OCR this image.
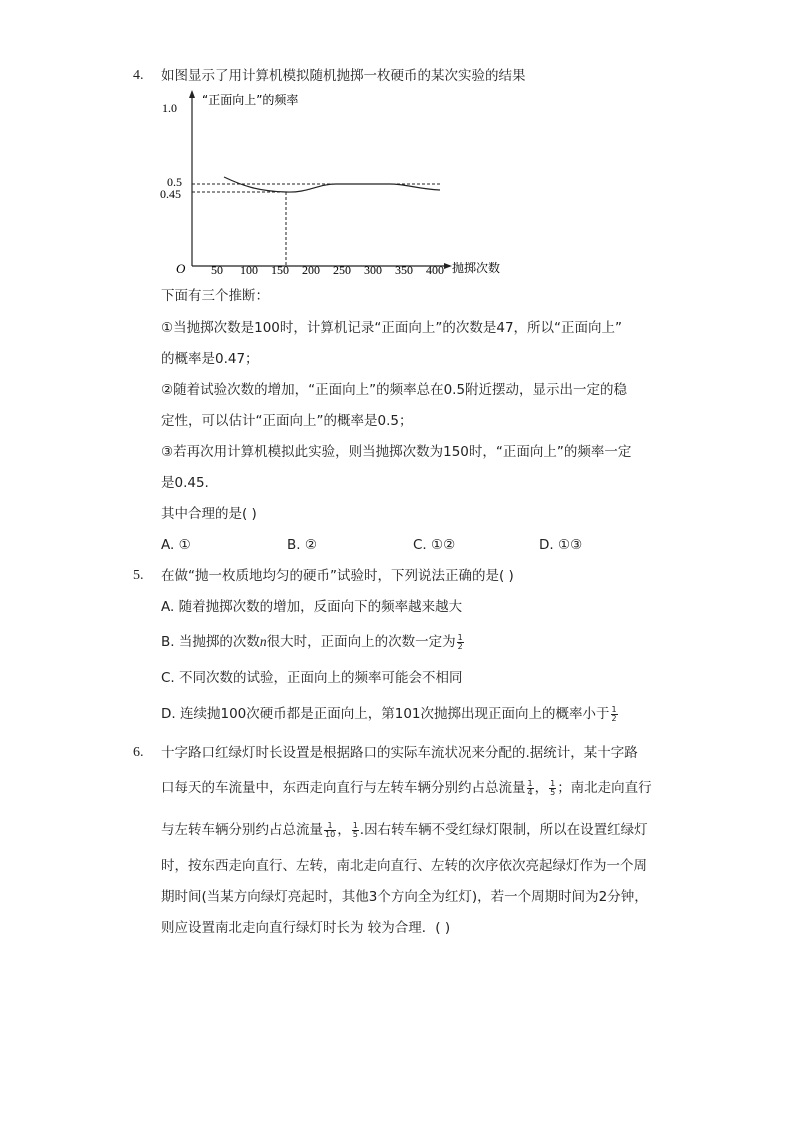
4. 如图显示了用计算机模拟随机抛掷一枚硬币的某次实验的结果
“正面向上”的频率
抛掷次数
O
1.0
0.5
0.45
50 100 150 200 250 300 350 400
下面有三个推断：
①当抛掷次数是100时，计算机记录“正面向上”的次数是47，所以“正面向上”
的概率是0.47；
②随着试验次数的增加，“正面向上”的频率总在0.5附近摆动，显示出一定的稳
定性，可以估计“正面向上”的概率是0.5；
③若再次用计算机模拟此实验，则当抛掷次数为150时，“正面向上”的频率一定
是0.45.
其中合理的是( )
A. ①	B. ②	C. ①②	D. ①③
5. 在做“抛一枚质地均匀的硬币”试验时，下列说法正确的是( )
A. 随着抛掷次数的增加，反面向下的频率越来越大
B. 当抛掷的次数n很大时，正面向上的次数一定为 $\frac{1}{2}$
C. 不同次数的试验，正面向上的频率可能会不相同
D. 连续抛100次硬币都是正面向上，第101次抛掷出现正面向上的概率小于 $\frac{1}{2}$
6. 十字路口红绿灯时长设置是根据路口的实际车流状况来分配的.据统计，某十字路
口每天的车流量中，东西走向直行与左转车辆分别约占总流量 $\frac{1}{4}$ ， $\frac{1}{5}$ ；南北走向直行
与左转车辆分别约占总流量 $\frac{1}{10}$ ， $\frac{1}{5}$ .因右转车辆不受红绿灯限制，所以在设置红绿灯
时，按东西走向直行、左转，南北走向直行、左转的次序依次亮起绿灯作为一个周
期时间(当某方向绿灯亮起时，其他3个方向全为红灯)，若一个周期时间为2分钟，
则应设置南北走向直行绿灯时长为 较为合理．( )
